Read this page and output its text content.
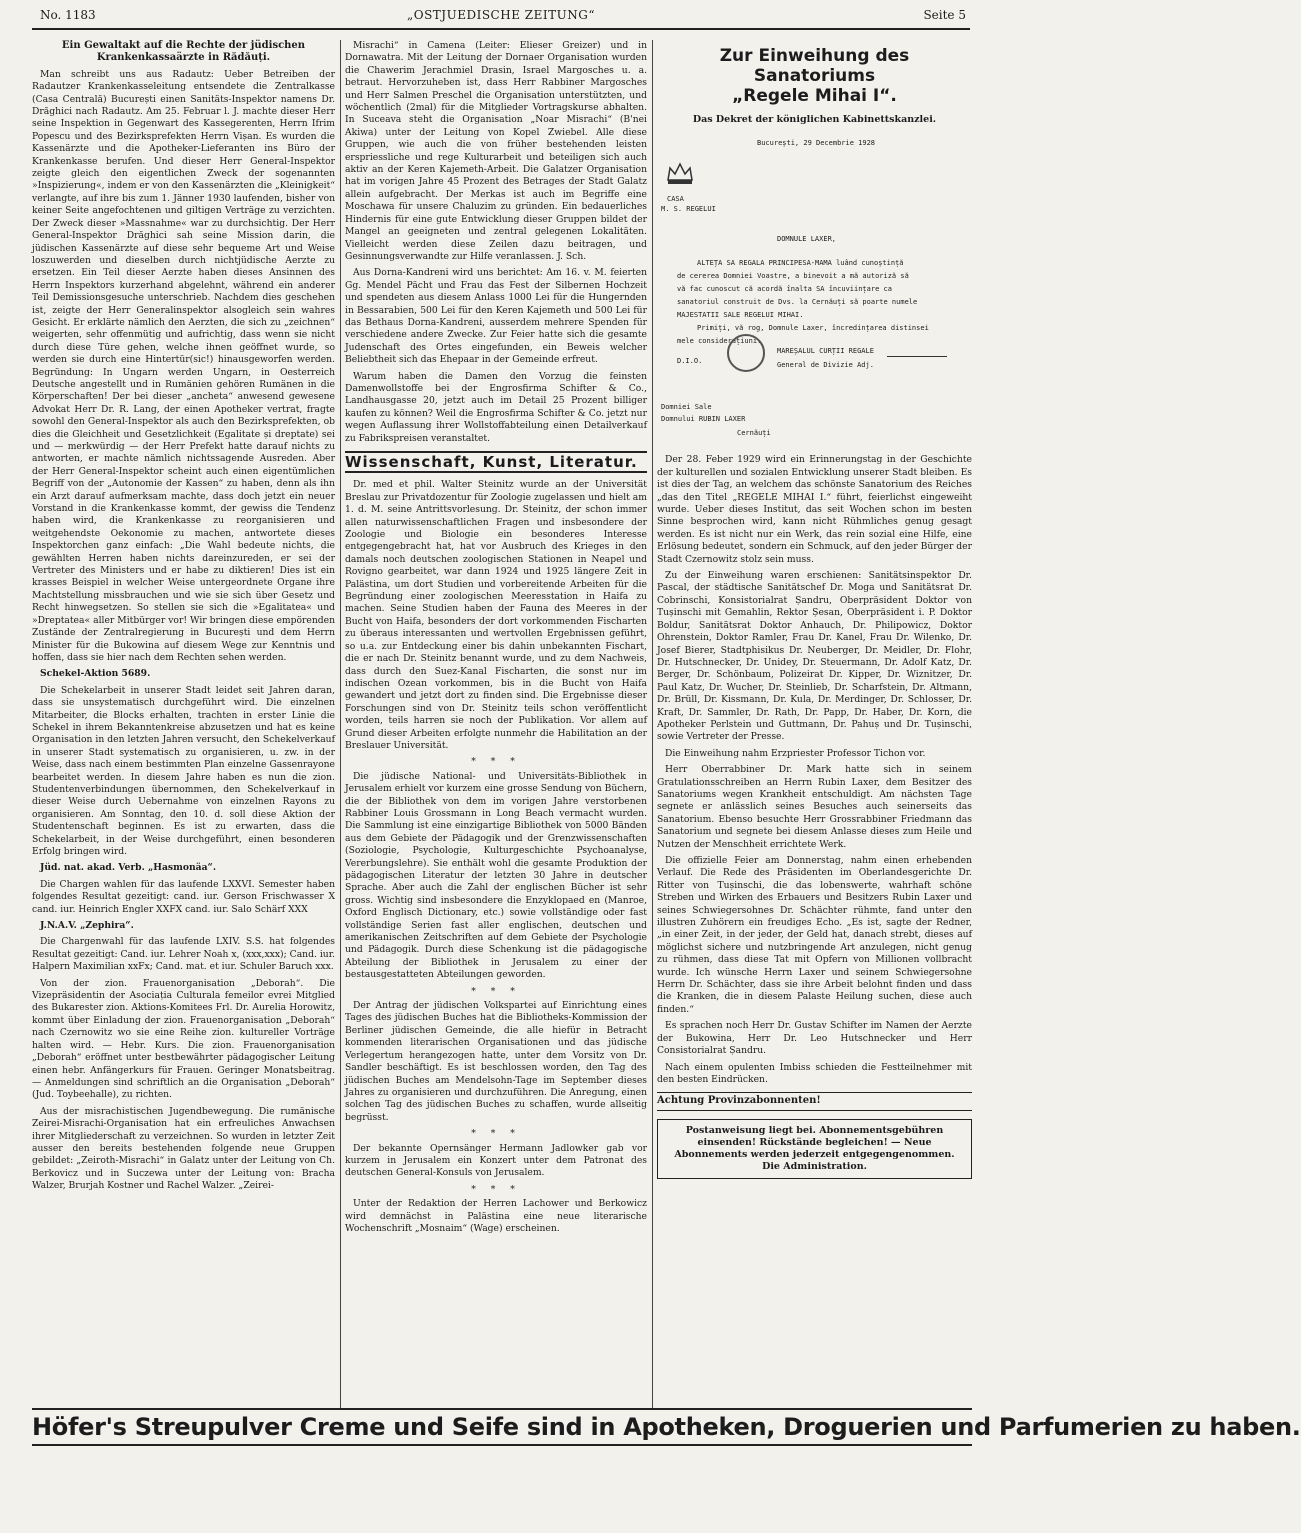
No. 1183	„OSTJUEDISCHE ZEITUNG“	Seite 5

Ein Gewaltakt auf die Rechte der jüdischen Krankenkassaärzte in Rădăuți.

Man schreibt uns aus Radautz: Ueber Betreiben der Radautzer Krankenkasseleitung entsendete die Zentralkasse (Casa Centrală) București einen Sanitäts-Inspektor namens Dr. Drăghici nach Radautz. Am 25. Februar l. J. machte dieser Herr seine Inspektion in Gegenwart des Kassegerenten, Herrn Ifrim Popescu und des Bezirksprefekten Herrn Vișan. Es wurden die Kassenärzte und die Apotheker-Lieferanten ins Büro der Krankenkasse berufen. Und dieser Herr General-Inspektor zeigte gleich den eigentlichen Zweck der sogenannten »Inspizierung«, indem er von den Kassenärzten die „Kleinigkeit“ verlangte, auf ihre bis zum 1. Jänner 1930 laufenden, bisher von keiner Seite angefochtenen und giltigen Verträge zu verzichten. Der Zweck dieser »Massnahme« war zu durchsichtig. Der Herr General-Inspektor Drăghici sah seine Mission darin, die jüdischen Kassenärzte auf diese sehr bequeme Art und Weise loszuwerden und dieselben durch nichtjüdische Aerzte zu ersetzen. Ein Teil dieser Aerzte haben dieses Ansinnen des Herrn Inspektors kurzerhand abgelehnt, während ein anderer Teil Demissionsgesuche unterschrieb. Nachdem dies geschehen ist, zeigte der Herr Generalinspektor alsogleich sein wahres Gesicht. Er erklärte nämlich den Aerzten, die sich zu „zeichnen“ weigerten, sehr offenmütig und aufrichtig, dass wenn sie nicht durch diese Türe gehen, welche ihnen geöffnet wurde, so werden sie durch eine Hintertür(sic!) hinausgeworfen werden. Begründung: In Ungarn werden Ungarn, in Oesterreich Deutsche angestellt und in Rumänien gehören Rumänen in die Körperschaften! Der bei dieser „ancheta“ anwesend gewesene Advokat Herr Dr. R. Lang, der einen Apotheker vertrat, fragte sowohl den General-Inspektor als auch den Bezirksprefekten, ob dies die Gleichheit und Gesetzlichkeit (Egalitate și dreptate) sei und — merkwürdig — der Herr Prefekt hatte darauf nichts zu antworten, er machte nämlich nichtssagende Ausreden. Aber der Herr General-Inspektor scheint auch einen eigentümlichen Begriff von der „Autonomie der Kassen“ zu haben, denn als ihn ein Arzt darauf aufmerksam machte, dass doch jetzt ein neuer Vorstand in die Krankenkasse kommt, der gewiss die Tendenz haben wird, die Krankenkasse zu reorganisieren und weitgehendste Oekonomie zu machen, antwortete dieses Inspektorchen ganz einfach: „Die Wahl bedeute nichts, die gewählten Herren haben nichts dareinzureden, er sei der Vertreter des Ministers und er habe zu diktieren! Dies ist ein krasses Beispiel in welcher Weise untergeordnete Organe ihre Machtstellung missbrauchen und wie sie sich über Gesetz und Recht hinwegsetzen. So stellen sie sich die »Egalitatea« und »Dreptatea« aller Mitbürger vor! Wir bringen diese empörenden Zustände der Zentralregierung in București und dem Herrn Minister für die Bukowina auf diesem Wege zur Kenntnis und hoffen, dass sie hier nach dem Rechten sehen werden.

Schekel-Aktion 5689.

Die Schekelarbeit in unserer Stadt leidet seit Jahren daran, dass sie unsystematisch durchgeführt wird. Die einzelnen Mitarbeiter, die Blocks erhalten, trachten in erster Linie die Schekel in ihrem Bekanntenkreise abzusetzen und hat es keine Organisation in den letzten Jahren versucht, den Schekelverkauf in unserer Stadt systematisch zu organisieren, u. zw. in der Weise, dass nach einem bestimmten Plan einzelne Gassenrayone bearbeitet werden. In diesem Jahre haben es nun die zion. Studentenverbindungen übernommen, den Schekelverkauf in dieser Weise durch Uebernahme von einzelnen Rayons zu organisieren. Am Sonntag, den 10. d. soll diese Aktion der Studentenschaft beginnen. Es ist zu erwarten, dass die Schekelarbeit, in der Weise durchgeführt, einen besonderen Erfolg bringen wird.

Jüd. nat. akad. Verb. „Hasmonäa“.

Die Chargen wahlen für das laufende LXXVI. Semester haben folgendes Resultat gezeitigt: cand. iur. Gerson Frischwasser X cand. iur. Heinrich Engler XXFX cand. iur. Salo Schärf XXX

J.N.A.V. „Zephira“.

Die Chargenwahl für das laufende LXIV. S.S. hat folgendes Resultat gezeitigt: Cand. iur. Lehrer Noah x, (xxx,xxx); Cand. iur. Halpern Maximilian xxFx; Cand. mat. et iur. Schuler Baruch xxx.

Von der zion. Frauenorganisation „Deborah“. Die Vizepräsidentin der Asociația Culturala femeilor evrei Mitglied des Bukarester zion. Aktions-Komitees Frl. Dr. Aurelia Horowitz, kommt über Einladung der zion. Frauenorganisation „Deborah“ nach Czernowitz wo sie eine Reihe zion. kultureller Vorträge halten wird. — Hebr. Kurs. Die zion. Frauenorganisation „Deborah“ eröffnet unter bestbewährter pädagogischer Leitung einen hebr. Anfängerkurs für Frauen. Geringer Monatsbeitrag. — Anmeldungen sind schriftlich an die Organisation „Deborah“ (Jud. Toybeehalle), zu richten.

Aus der misrachistischen Jugendbewegung. Die rumänische Zeirei-Misrachi-Organisation hat ein erfreuliches Anwachsen ihrer Mitgliederschaft zu verzeichnen. So wurden in letzter Zeit ausser den bereits bestehenden folgende neue Gruppen gebildet: „Zeiroth-Misrachi“ in Galatz unter der Leitung von Ch. Berkovicz und in Suczewa unter der Leitung von: Bracha Walzer, Brurjah Kostner und Rachel Walzer. „Zeirei-

Misrachi“ in Camena (Leiter: Elieser Greizer) und in Dornawatra. Mit der Leitung der Dornaer Organisation wurden die Chawerim Jerachmiel Drasin, Israel Margosches u. a. betraut. Hervorzuheben ist, dass Herr Rabbiner Margosches und Herr Salmen Preschel die Organisation unterstützten, und wöchentlich (2mal) für die Mitglieder Vortragskurse abhalten. In Suceava steht die Organisation „Noar Misrachi“ (B'nei Akiwa) unter der Leitung von Kopel Zwiebel. Alle diese Gruppen, wie auch die von früher bestehenden leisten erspriessliche und rege Kulturarbeit und beteiligen sich auch aktiv an der Keren Kajemeth-Arbeit. Die Galatzer Organisation hat im vorigen Jahre 45 Prozent des Betrages der Stadt Galatz allein aufgebracht. Der Merkas ist auch im Begriffe eine Moschawa für unsere Chaluzim zu gründen. Ein bedauerliches Hindernis für eine gute Entwicklung dieser Gruppen bildet der Mangel an geeigneten und zentral gelegenen Lokalitäten. Vielleicht werden diese Zeilen dazu beitragen, und Gesinnungsverwandte zur Hilfe veranlassen. J. Sch.

Aus Dorna-Kandreni wird uns berichtet: Am 16. v. M. feierten Gg. Mendel Pächt und Frau das Fest der Silbernen Hochzeit und spendeten aus diesem Anlass 1000 Lei für die Hungernden in Bessarabien, 500 Lei für den Keren Kajemeth und 500 Lei für das Bethaus Dorna-Kandreni, ausserdem mehrere Spenden für verschiedene andere Zwecke. Zur Feier hatte sich die gesamte Judenschaft des Ortes eingefunden, ein Beweis welcher Beliebtheit sich das Ehepaar in der Gemeinde erfreut.

Warum haben die Damen den Vorzug die feinsten Damenwollstoffe bei der Engrosfirma Schifter & Co., Landhausgasse 20, jetzt auch im Detail 25 Prozent billiger kaufen zu können? Weil die Engrosfirma Schifter & Co. jetzt nur wegen Auflassung ihrer Wollstoffabteilung einen Detailverkauf zu Fabrikspreisen veranstaltet.

Wissenschaft, Kunst, Literatur.

Dr. med et phil. Walter Steinitz wurde an der Universität Breslau zur Privatdozentur für Zoologie zugelassen und hielt am 1. d. M. seine Antrittsvorlesung. Dr. Steinitz, der schon immer allen naturwissenschaftlichen Fragen und insbesondere der Zoologie und Biologie ein besonderes Interesse entgegengebracht hat, hat vor Ausbruch des Krieges in den damals noch deutschen zoologischen Stationen in Neapel und Rovigno gearbeitet, war dann 1924 und 1925 längere Zeit in Palästina, um dort Studien und vorbereitende Arbeiten für die Begründung einer zoologischen Meeresstation in Haifa zu machen. Seine Studien haben der Fauna des Meeres in der Bucht von Haifa, besonders der dort vorkommenden Fischarten zu überaus interessanten und wertvollen Ergebnissen geführt, so u.a. zur Entdeckung einer bis dahin unbekannten Fischart, die er nach Dr. Steinitz benannt wurde, und zu dem Nachweis, dass durch den Suez-Kanal Fischarten, die sonst nur im indischen Ozean vorkommen, bis in die Bucht von Haifa gewandert und jetzt dort zu finden sind. Die Ergebnisse dieser Forschungen sind von Dr. Steinitz teils schon veröffentlicht worden, teils harren sie noch der Publikation. Vor allem auf Grund dieser Arbeiten erfolgte nunmehr die Habilitation an der Breslauer Universität.

* * *

Die jüdische National- und Universitäts-Bibliothek in Jerusalem erhielt vor kurzem eine grosse Sendung von Büchern, die der Bibliothek von dem im vorigen Jahre verstorbenen Rabbiner Louis Grossmann in Long Beach vermacht wurden. Die Sammlung ist eine einzigartige Bibliothek von 5000 Bänden aus dem Gebiete der Pädagogik und der Grenzwissenschaften (Soziologie, Psychologie, Kulturgeschichte Psychoanalyse, Vererbungslehre). Sie enthält wohl die gesamte Produktion der pädagogischen Literatur der letzten 30 Jahre in deutscher Sprache. Aber auch die Zahl der englischen Bücher ist sehr gross. Wichtig sind insbesondere die Enzyklopaed en (Manroe, Oxford Englisch Dictionary, etc.) sowie vollständige oder fast vollständige Serien fast aller englischen, deutschen und amerikanischen Zeitschriften auf dem Gebiete der Psychologie und Pädagogik. Durch diese Schenkung ist die pädagogische Abteilung der Bibliothek in Jerusalem zu einer der bestausgestatteten Abteilungen geworden.

* * *

Der Antrag der jüdischen Volkspartei auf Einrichtung eines Tages des jüdischen Buches hat die Bibliotheks-Kommission der Berliner jüdischen Gemeinde, die alle hiefür in Betracht kommenden literarischen Organisationen und das jüdische Verlegertum herangezogen hatte, unter dem Vorsitz von Dr. Sandler beschäftigt. Es ist beschlossen worden, den Tag des jüdischen Buches am Mendelsohn-Tage im September dieses Jahres zu organisieren und durchzuführen. Die Anregung, einen solchen Tag des jüdischen Buches zu schaffen, wurde allseitig begrüsst.

* * *

Der bekannte Opernsänger Hermann Jadlowker gab vor kurzem in Jerusalem ein Konzert unter dem Patronat des deutschen General-Konsuls von Jerusalem.

* * *

Unter der Redaktion der Herren Lachower und Berkowicz wird demnächst in Palästina eine neue literarische Wochenschrift „Mosnaim“ (Wage) erscheinen.

Zur Einweihung des Sanatoriums
„Regele Mihai I“.

Das Dekret der königlichen Kabinettskanzlei.

București, 29 Decembrie 1928
CASA
M. S. REGELUI
DOMNULE LAXER,
ALTEȚA SA REGALA PRINCIPESA-MAMA luând cunoștință
de cererea Domniei Voastre, a binevoit a mă autoriză să
vă fac cunoscut că acordă înalta SA încuviințare ca
sanatoriul construit de Dvs. la Cernăuți să poarte numele
MAJESTATII SALE REGELUI MIHAI.
Primiți, vă rog, Domnule Laxer, încredințarea distinsei
mele considerațiuni.
D.I.O.
MAREȘALUL CURȚII REGALE
General de Diviziе Adj.
Domniei Sale
Domnului RUBIN LAXER
Cernăuți

Der 28. Feber 1929 wird ein Erinnerungstag in der Geschichte der kulturellen und sozialen Entwicklung unserer Stadt bleiben. Es ist dies der Tag, an welchem das schönste Sanatorium des Reiches „das den Titel „REGELE MIHAI I.“ führt, feierlichst eingeweiht wurde. Ueber dieses Institut, das seit Wochen schon im besten Sinne besprochen wird, kann nicht Rühmliches genug gesagt werden. Es ist nicht nur ein Werk, das rein sozial eine Hilfe, eine Erlösung bedeutet, sondern ein Schmuck, auf den jeder Bürger der Stadt Czernowitz stolz sein muss.

Zu der Einweihung waren erschienen: Sanitätsinspektor Dr. Pascal, der städtische Sanitätschef Dr. Moga und Sanitätsrat Dr. Cobrinschi, Konsistorialrat Șandru, Oberpräsident Doktor von Tușinschi mit Gemahlin, Rektor Șesan, Oberpräsident i. P. Doktor Boldur, Sanitätsrat Doktor Anhauch, Dr. Philipowicz, Doktor Ohrenstein, Doktor Ramler, Frau Dr. Kanel, Frau Dr. Wilenko, Dr. Josef Bierer, Stadtphisikus Dr. Neuberger, Dr. Meidler, Dr. Flohr, Dr. Hutschnecker, Dr. Unidey, Dr. Steuermann, Dr. Adolf Katz, Dr. Berger, Dr. Schönbaum, Polizeirat Dr. Kipper, Dr. Wiznitzer, Dr. Paul Katz, Dr. Wucher, Dr. Steinlieb, Dr. Scharfstein, Dr. Altmann, Dr. Brüll, Dr. Kissmann, Dr. Kula, Dr. Merdinger, Dr. Schlosser, Dr. Kraft, Dr. Sammler, Dr. Rath, Dr. Papp, Dr. Haber, Dr. Korn, die Apotheker Perlstein und Guttmann, Dr. Pahuș und Dr. Tușinschi, sowie Vertreter der Presse.

Die Einweihung nahm Erzpriester Professor Tichon vor.

Herr Oberrabbiner Dr. Mark hatte sich in seinem Gratulationsschreiben an Herrn Rubin Laxer, dem Besitzer des Sanatoriums wegen Krankheit entschuldigt. Am nächsten Tage segnete er anlässlich seines Besuches auch seinerseits das Sanatorium. Ebenso besuchte Herr Grossrabbiner Friedmann das Sanatorium und segnete bei diesem Anlasse dieses zum Heile und Nutzen der Menschheit errichtete Werk.

Die offizielle Feier am Donnerstag, nahm einen erhebenden Verlauf. Die Rede des Präsidenten im Oberlandesgerichte Dr. Ritter von Tușinschi, die das lobenswerte, wahrhaft schöne Streben und Wirken des Erbauers und Besitzers Rubin Laxer und seines Schwiegersohnes Dr. Schächter rühmte, fand unter den illustren Zuhörern ein freudiges Echo. „Es ist, sagte der Redner, „in einer Zeit, in der jeder, der Geld hat, danach strebt, dieses auf möglichst sichere und nutzbringende Art anzulegen, nicht genug zu rühmen, dass diese Tat mit Opfern von Millionen vollbracht wurde. Ich wünsche Herrn Laxer und seinem Schwiegersohne Herrn Dr. Schächter, dass sie ihre Arbeit belohnt finden und dass die Kranken, die in diesem Palaste Heilung suchen, diese auch finden.“

Es sprachen noch Herr Dr. Gustav Schifter im Namen der Aerzte der Bukowina, Herr Dr. Leo Hutschnecker und Herr Consistorialrat Șandru.

Nach einem opulenten Imbiss schieden die Festteilnehmer mit den besten Eindrücken.

Achtung Provinzabonnenten!

Postanweisung liegt bei. Abonnementsgebühren einsenden! Rückstände begleichen! — Neue Abonnements werden jederzeit entgegengenommen. Die Administration.
Höfer's Streupulver Creme und Seife sind in Apotheken, Droguerien und Parfumerien zu haben.
